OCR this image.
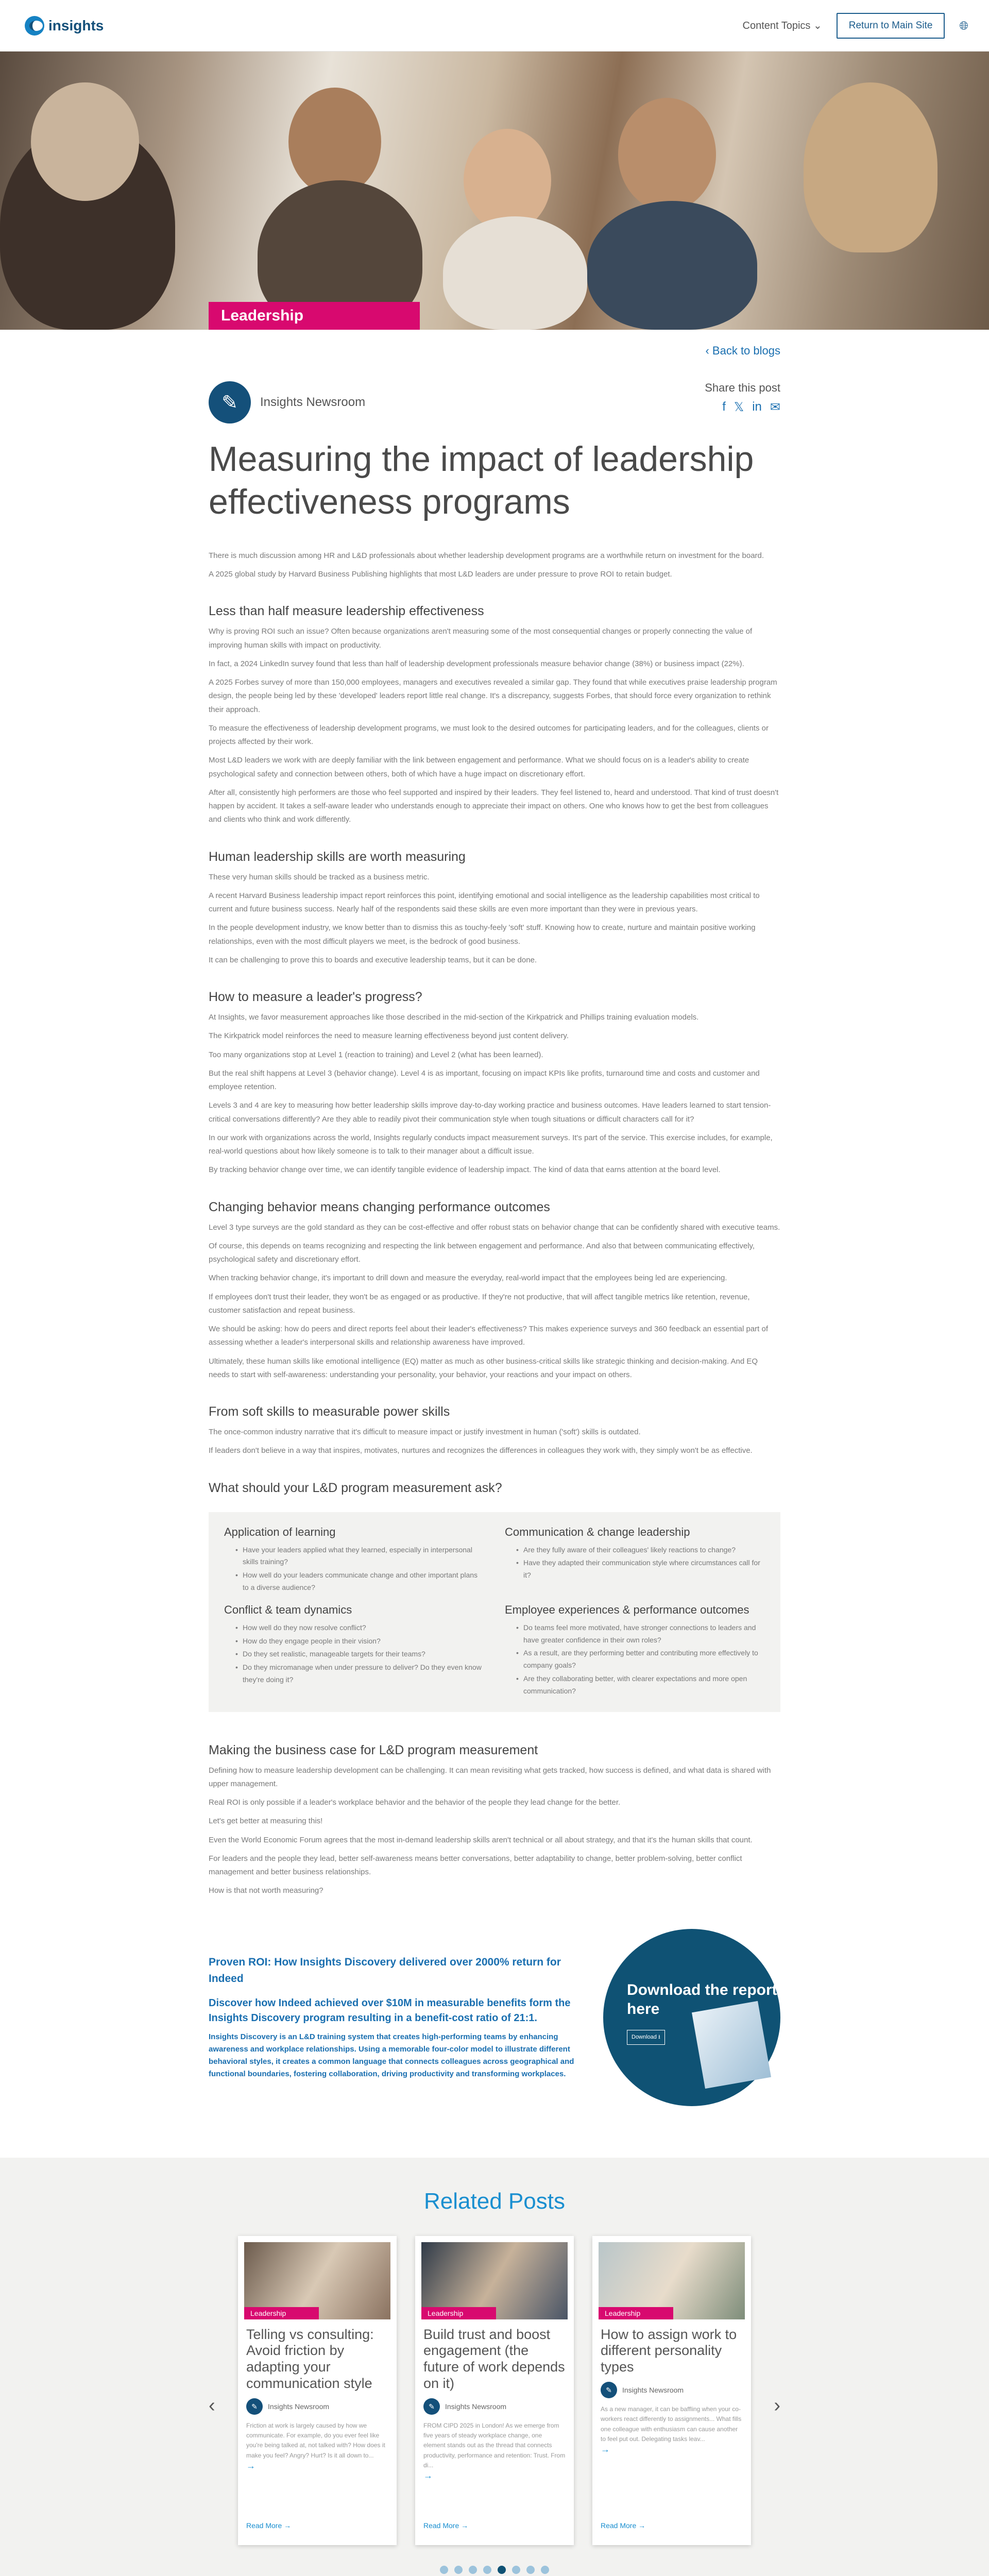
insights	Content Topics ⌄	Return to Main Site	🌐︎
Leadership
‹ Back to blogs
✎ Insights Newsroom
Share this post
f 𝕏 in ✉
Measuring the impact of leadership effectiveness programs

There is much discussion among HR and L&D professionals about whether leadership development programs are a worthwhile return on investment for the board.

A 2025 global study by Harvard Business Publishing highlights that most L&D leaders are under pressure to prove ROI to retain budget.

Less than half measure leadership effectiveness

Why is proving ROI such an issue? Often because organizations aren't measuring some of the most consequential changes or properly connecting the value of improving human skills with impact on productivity.

In fact, a 2024 LinkedIn survey found that less than half of leadership development professionals measure behavior change (38%) or business impact (22%).

A 2025 Forbes survey of more than 150,000 employees, managers and executives revealed a similar gap. They found that while executives praise leadership program design, the people being led by these 'developed' leaders report little real change. It's a discrepancy, suggests Forbes, that should force every organization to rethink their approach.

To measure the effectiveness of leadership development programs, we must look to the desired outcomes for participating leaders, and for the colleagues, clients or projects affected by their work.

Most L&D leaders we work with are deeply familiar with the link between engagement and performance. What we should focus on is a leader's ability to create psychological safety and connection between others, both of which have a huge impact on discretionary effort.

After all, consistently high performers are those who feel supported and inspired by their leaders. They feel listened to, heard and understood. That kind of trust doesn't happen by accident. It takes a self-aware leader who understands enough to appreciate their impact on others. One who knows how to get the best from colleagues and clients who think and work differently.

Human leadership skills are worth measuring

These very human skills should be tracked as a business metric.

A recent Harvard Business leadership impact report reinforces this point, identifying emotional and social intelligence as the leadership capabilities most critical to current and future business success. Nearly half of the respondents said these skills are even more important than they were in previous years.

In the people development industry, we know better than to dismiss this as touchy-feely 'soft' stuff. Knowing how to create, nurture and maintain positive working relationships, even with the most difficult players we meet, is the bedrock of good business.

It can be challenging to prove this to boards and executive leadership teams, but it can be done.

How to measure a leader's progress?

At Insights, we favor measurement approaches like those described in the mid-section of the Kirkpatrick and Phillips training evaluation models.

The Kirkpatrick model reinforces the need to measure learning effectiveness beyond just content delivery.

Too many organizations stop at Level 1 (reaction to training) and Level 2 (what has been learned).

But the real shift happens at Level 3 (behavior change). Level 4 is as important, focusing on impact KPIs like profits, turnaround time and costs and customer and employee retention.

Levels 3 and 4 are key to measuring how better leadership skills improve day-to-day working practice and business outcomes. Have leaders learned to start tension-critical conversations differently? Are they able to readily pivot their communication style when tough situations or difficult characters call for it?

In our work with organizations across the world, Insights regularly conducts impact measurement surveys. It's part of the service. This exercise includes, for example, real-world questions about how likely someone is to talk to their manager about a difficult issue.

By tracking behavior change over time, we can identify tangible evidence of leadership impact. The kind of data that earns attention at the board level.

Changing behavior means changing performance outcomes

Level 3 type surveys are the gold standard as they can be cost-effective and offer robust stats on behavior change that can be confidently shared with executive teams.

Of course, this depends on teams recognizing and respecting the link between engagement and performance. And also that between communicating effectively, psychological safety and discretionary effort.

When tracking behavior change, it's important to drill down and measure the everyday, real-world impact that the employees being led are experiencing.

If employees don't trust their leader, they won't be as engaged or as productive. If they're not productive, that will affect tangible metrics like retention, revenue, customer satisfaction and repeat business.

We should be asking: how do peers and direct reports feel about their leader's effectiveness? This makes experience surveys and 360 feedback an essential part of assessing whether a leader's interpersonal skills and relationship awareness have improved.

Ultimately, these human skills like emotional intelligence (EQ) matter as much as other business-critical skills like strategic thinking and decision-making. And EQ needs to start with self-awareness: understanding your personality, your behavior, your reactions and your impact on others.

From soft skills to measurable power skills

The once-common industry narrative that it's difficult to measure impact or justify investment in human ('soft') skills is outdated.

If leaders don't believe in a way that inspires, motivates, nurtures and recognizes the differences in colleagues they work with, they simply won't be as effective.

What should your L&D program measurement ask?
Application of learning
• Have your leaders applied what they learned, especially in interpersonal skills training?
• How well do your leaders communicate change and other important plans to a diverse audience?
Communication & change leadership
• Are they fully aware of their colleagues' likely reactions to change?
• Have they adapted their communication style where circumstances call for it?
Conflict & team dynamics
• How well do they now resolve conflict?
• How do they engage people in their vision?
• Do they set realistic, manageable targets for their teams?
• Do they micromanage when under pressure to deliver? Do they even know they're doing it?
Employee experiences & performance outcomes
• Do teams feel more motivated, have stronger connections to leaders and have greater confidence in their own roles?
• As a result, are they performing better and contributing more effectively to company goals?
• Are they collaborating better, with clearer expectations and more open communication?
Making the business case for L&D program measurement

Defining how to measure leadership development can be challenging. It can mean revisiting what gets tracked, how success is defined, and what data is shared with upper management.

Real ROI is only possible if a leader's workplace behavior and the behavior of the people they lead change for the better.

Let's get better at measuring this!

Even the World Economic Forum agrees that the most in-demand leadership skills aren't technical or all about strategy, and that it's the human skills that count.

For leaders and the people they lead, better self-awareness means better conversations, better adaptability to change, better problem-solving, better conflict management and better business relationships.

How is that not worth measuring?

Proven ROI: How Insights Discovery delivered over 2000% return for Indeed
Discover how Indeed achieved over $10M in measurable benefits form the Insights Discovery program resulting in a benefit-cost ratio of 21:1.
Insights Discovery is an L&D training system that creates high-performing teams by enhancing awareness and workplace relationships. Using a memorable four-color model to illustrate different behavioral styles, it creates a common language that connects colleagues across geographical and functional boundaries, fostering collaboration, driving productivity and transforming workplaces.
Download the report here
Download ⭳
Related Posts
‹	›
Leadership
Telling vs consulting: Avoid friction by adapting your communication style
✎ Insights Newsroom
Friction at work is largely caused by how we communicate. For example, do you ever feel like you're being talked at, not talked with? How does it make you feel? Angry? Hurt? Is it all down to...
→
Read More →
Leadership
Build trust and boost engagement (the future of work depends on it)
✎ Insights Newsroom
FROM CIPD 2025 in London! As we emerge from five years of steady workplace change, one element stands out as the thread that connects productivity, performance and retention: Trust. From di...
→
Read More →
Leadership
How to assign work to different personality types
✎ Insights Newsroom
As a new manager, it can be baffling when your co-workers react differently to assignments... What fills one colleague with enthusiasm can cause another to feel put out. Delegating tasks leav...
→
Read More →
